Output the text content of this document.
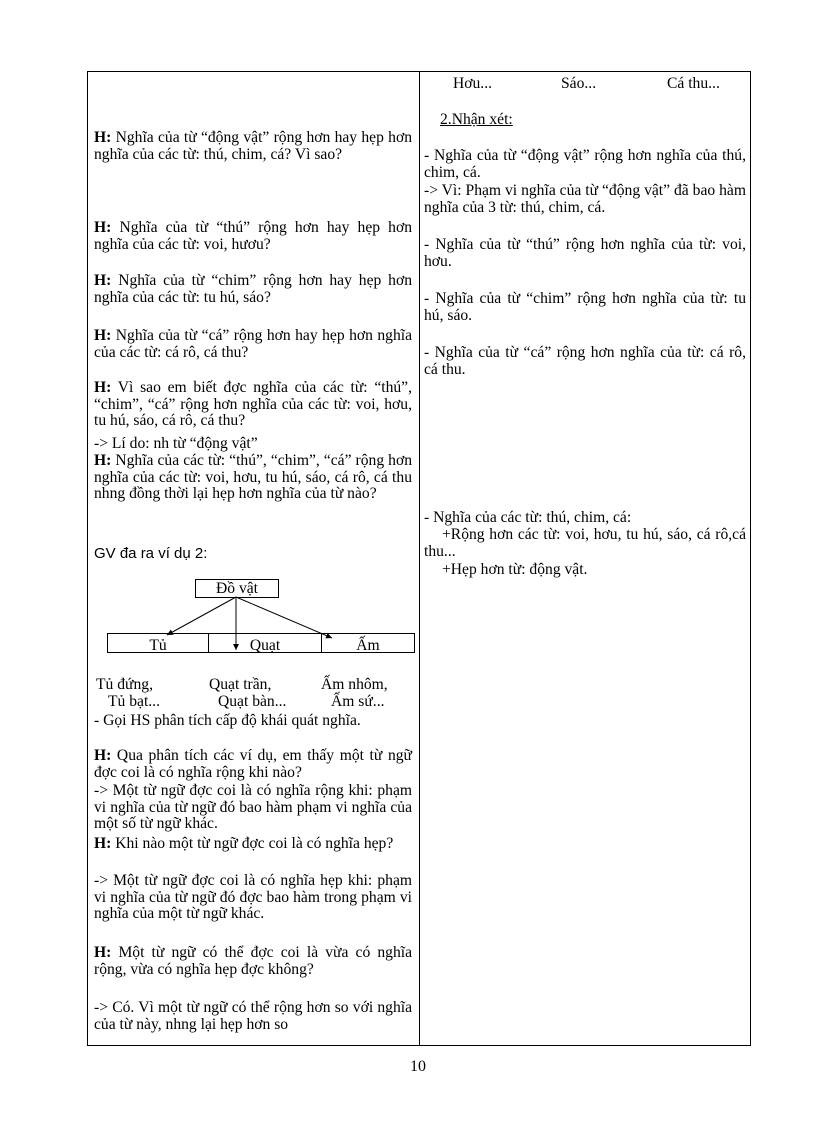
H: Nghĩa của từ “động vật” rộng hơn hay hẹp hơn nghĩa của các từ: thú, chim, cá? Vì sao?

H: Nghĩa của từ “thú” rộng hơn hay hẹp hơn nghĩa của các từ: voi, hươu?

H: Nghĩa của từ “chim” rộng hơn hay hẹp hơn nghĩa của các từ: tu hú, sáo?

H: Nghĩa của từ “cá” rộng hơn hay hẹp hơn nghĩa của các từ: cá rô, cá thu?

H: Vì sao em biết đợc nghĩa của các từ: “thú”, “chim”, “cá” rộng hơn nghĩa của các từ: voi, hơu, tu hú, sáo, cá rô, cá thu?

-> Lí do: nh từ “động vật”

H: Nghĩa của các từ: “thú”, “chim”, “cá” rộng hơn nghĩa của các từ: voi, hơu, tu hú, sáo, cá rô, cá thu nhng đồng thời lại hẹp hơn nghĩa của từ nào?

GV đa ra ví dụ 2:

Đồ vật
Tủ	Quạt	Ấm
Tủ đứng,	Quạt trần,	Ấm nhôm,
Tủ bạt...	Quạt bàn...	Ấm sứ...

- Gọi HS phân tích cấp độ khái quát nghĩa.

H: Qua phân tích các ví dụ, em thấy một từ ngữ đợc coi là có nghĩa rộng khi nào?

-> Một từ ngữ đợc coi là có nghĩa rộng khi: phạm vi nghĩa của từ ngữ đó bao hàm phạm vi nghĩa của một số từ ngữ khác.

H: Khi nào một từ ngữ đợc coi là có nghĩa hẹp?

-> Một từ ngữ đợc coi là có nghĩa hẹp khi: phạm vi nghĩa của từ ngữ đó đợc bao hàm trong phạm vi nghĩa của một từ ngữ khác.

H: Một từ ngữ có thể đợc coi là vừa có nghĩa rộng, vừa có nghĩa hẹp đợc không?

-> Có. Vì một từ ngữ có thể rộng hơn so với nghĩa của từ này, nhng lại hẹp hơn so

Hơu...	Sáo...	Cá thu...

2.Nhận xét:

- Nghĩa của từ “động vật” rộng hơn nghĩa của thú, chim, cá.

-> Vì: Phạm vi nghĩa của từ “động vật” đã bao hàm nghĩa của 3 từ: thú, chim, cá.

- Nghĩa của từ “thú” rộng hơn nghĩa của từ: voi, hơu.

- Nghĩa của từ “chim” rộng hơn nghĩa của từ: tu hú, sáo.

- Nghĩa của từ “cá” rộng hơn nghĩa của từ: cá rô, cá thu.

- Nghĩa của các từ: thú, chim, cá:

+Rộng hơn các từ: voi, hơu, tu hú, sáo, cá rô,cá thu...

+Hẹp hơn từ: động vật.

10
